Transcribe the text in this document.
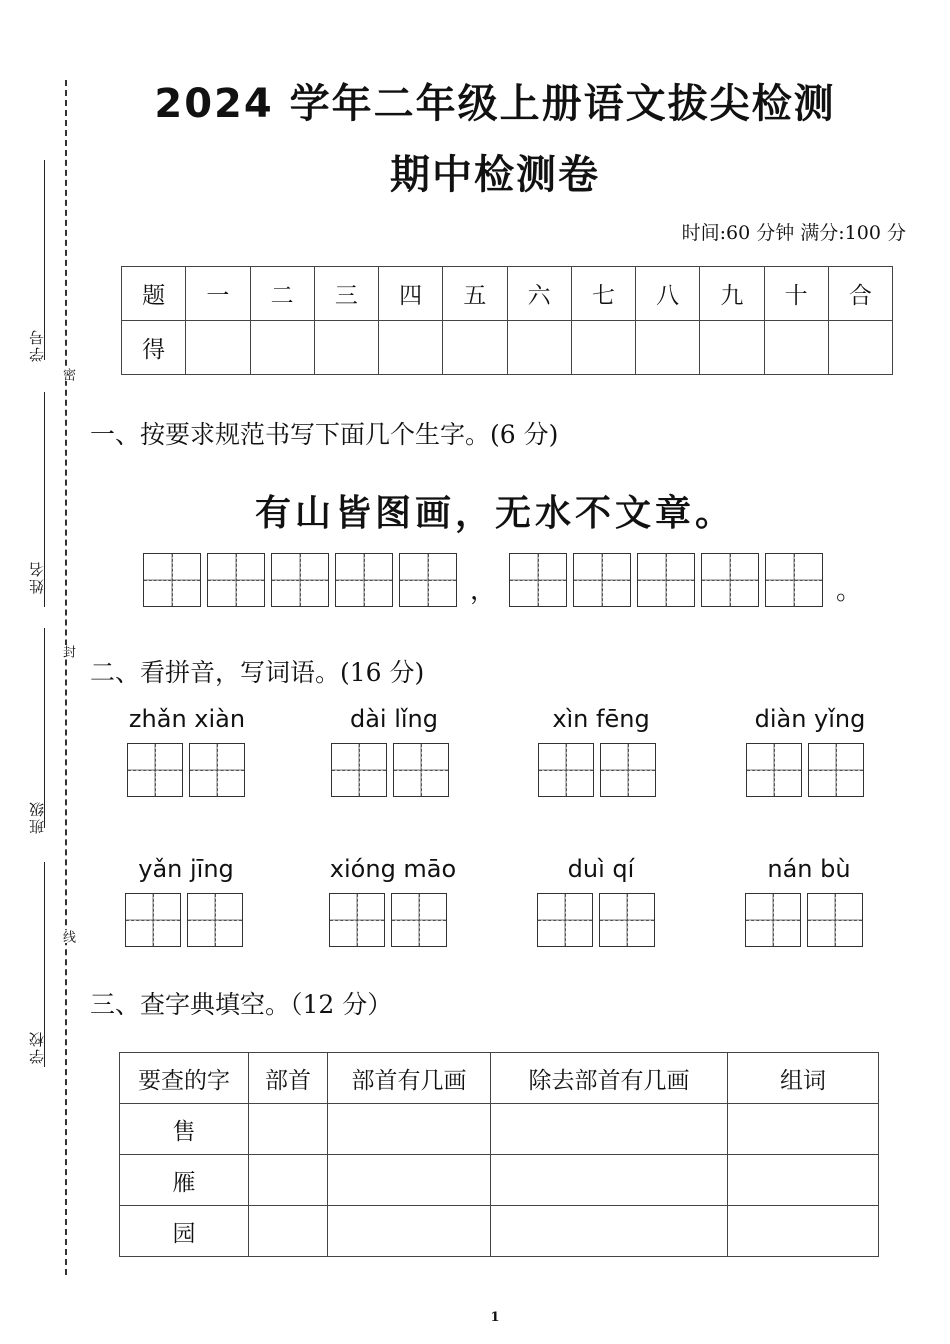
学号
姓名
班级
学校
密
封
线
2024 学年二年级上册语文拔尖检测
期中检测卷
时间:60 分钟 满分:100 分
题	一	二	三	四	五	六	七	八	九	十	合
得											
一、按要求规范书写下面几个生字。(6 分)
有山皆图画，无水不文章。
，	。
二、看拼音，写词语。(16 分)
zhǎn xiàn	dài lǐng	xìn fēng	diàn yǐng
yǎn jīng	xióng māo	duì qí	nán bù
三、查字典填空。（12 分）
要查的字	部首	部首有几画	除去部首有几画	组词
售				
雁				
园				
1
